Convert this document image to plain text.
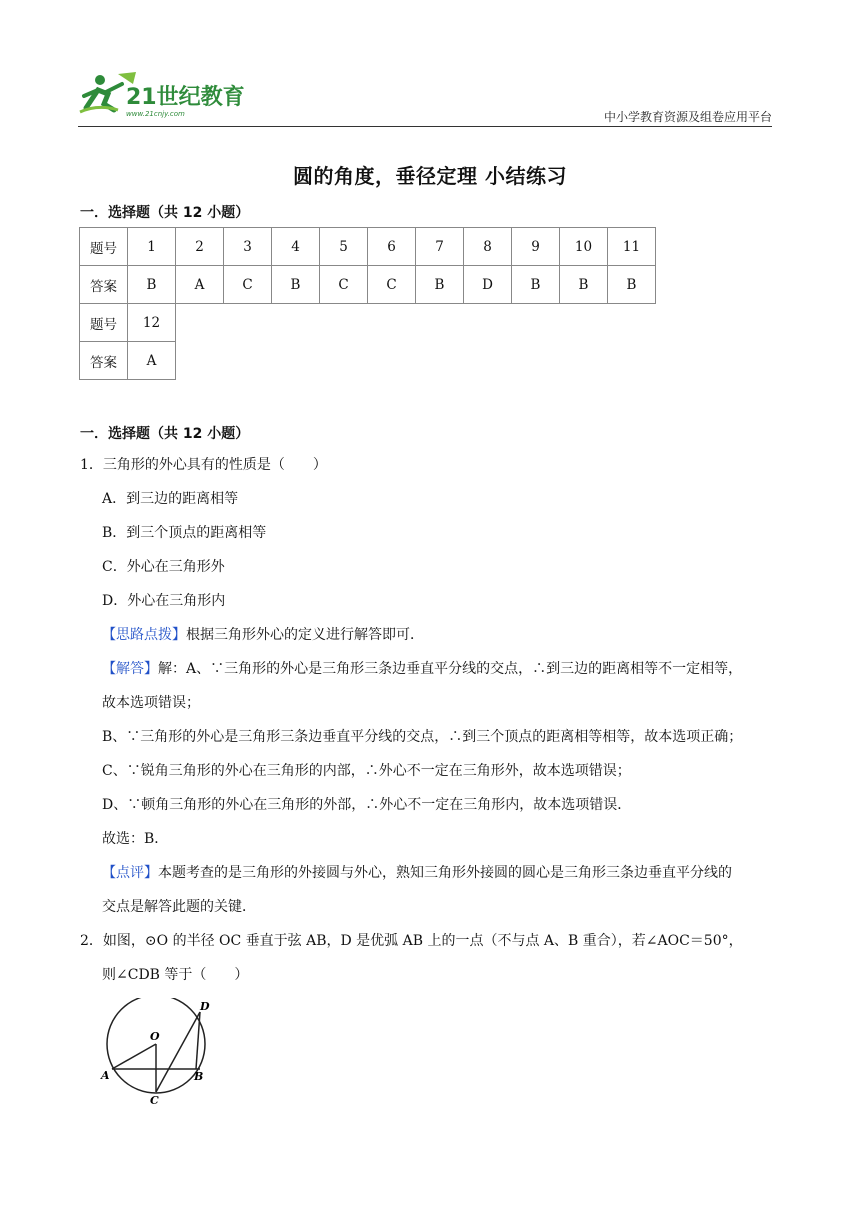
21世纪教育
www.21cnjy.com	中小学教育资源及组卷应用平台
圆的角度，垂径定理 小结练习
一．选择题（共 12 小题）
题号	1	2	3	4	5	6	7	8	9	10	11
答案	B	A	C	B	C	C	B	D	B	B	B
题号	12										
答案	A										
一．选择题（共 12 小题）
1．三角形的外心具有的性质是（　　）
A．到三边的距离相等
B．到三个顶点的距离相等
C．外心在三角形外
D．外心在三角形内
【思路点拨】根据三角形外心的定义进行解答即可．
【解答】解：A、∵三角形的外心是三角形三条边垂直平分线的交点，∴到三边的距离相等不一定相等，
故本选项错误；
B、∵三角形的外心是三角形三条边垂直平分线的交点，∴到三个顶点的距离相等相等，故本选项正确；
C、∵锐角三角形的外心在三角形的内部，∴外心不一定在三角形外，故本选项错误；
D、∵顿角三角形的外心在三角形的外部，∴外心不一定在三角形内，故本选项错误．
故选：B．
【点评】本题考查的是三角形的外接圆与外心，熟知三角形外接圆的圆心是三角形三条边垂直平分线的
交点是解答此题的关键．
2．如图，⊙O 的半径 OC 垂直于弦 AB，D 是优弧 AB 上的一点（不与点 A、B 重合），若∠AOC＝50°，
则∠CDB 等于（　　）
O
D
A	B
C
